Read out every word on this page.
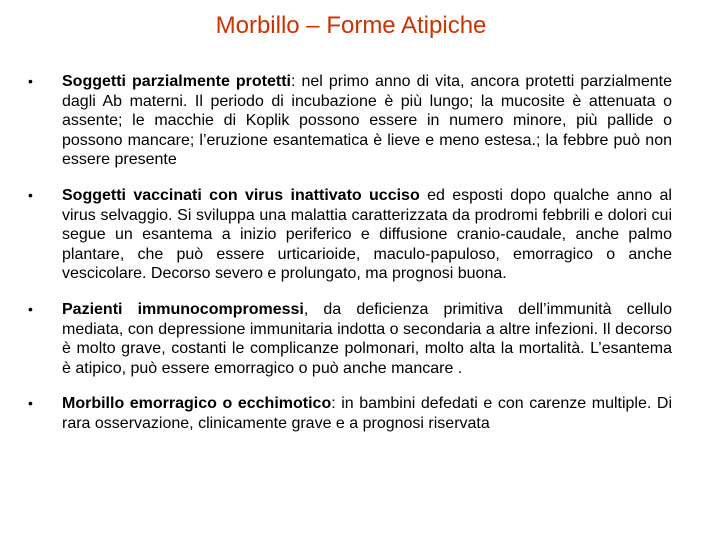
Morbillo – Forme Atipiche
•	Soggetti parzialmente protetti: nel primo anno di vita, ancora protetti parzialmente dagli Ab materni. Il periodo di incubazione è più lungo; la mucosite è attenuata o assente; le macchie di Koplik possono essere in numero minore, più pallide o possono mancare; l’eruzione esantematica è lieve e meno estesa.; la febbre può non essere presente
•	Soggetti vaccinati con virus inattivato ucciso ed esposti dopo qualche anno al virus selvaggio. Si sviluppa una malattia caratterizzata da prodromi febbrili e dolori cui segue un esantema a inizio periferico e diffusione cranio-caudale, anche palmo plantare, che può essere urticarioide, maculo-papuloso, emorragico o anche vescicolare. Decorso severo e prolungato, ma prognosi buona.
•	Pazienti immunocompromessi, da deficienza primitiva dell’immunità cellulo mediata, con depressione immunitaria indotta o secondaria a altre infezioni. Il decorso è molto grave, costanti le complicanze polmonari, molto alta la mortalità. L’esantema è atipico, può essere emorragico o può anche mancare .
•	Morbillo emorragico o ecchimotico: in bambini defedati e con carenze multiple. Di rara osservazione, clinicamente grave e a prognosi riservata
